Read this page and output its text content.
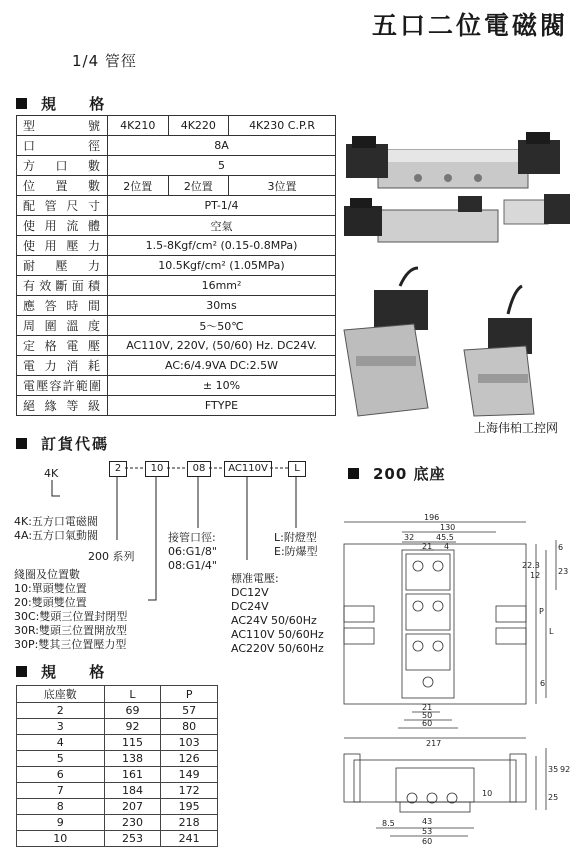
五口二位電磁閥
1/4 管徑
規 格
型　　號	4K210	4K220	4K230 C.P.R
口　　徑	8A		
方 口 數	5		
位 置 數	2位置	2位置	3位置
配管尺寸	PT-1/4		
使用流體	空氣		
使用壓力	1.5-8Kgf/cm² (0.15-0.8MPa)		
耐　壓　力	10.5Kgf/cm² (1.05MPa)		
有效斷面積	16mm²		
應答時間	30ms		
周圍溫度	5～50℃		
定格電壓	AC110V, 220V, (50/60) Hz. DC24V.		
電力消耗	AC:6/4.9VA DC:2.5W		
電壓容許範圍	± 10%		
絕緣等級	FTYPE		
上海伟柏工控网
訂貨代碼
4K	2	10	08	AC110V	L
4K:五方口電磁閥
4A:五方口氣動閥
200 系列
綫圈及位置數
10:單頭雙位置
20:雙頭雙位置
30C:雙頭三位置封閉型
30R:雙頭三位置開放型
30P:雙其三位置壓力型
接管口徑:
06:G1/8"
08:G1/4"
標准電壓:
DC12V
DC24V
AC24V 50/60Hz
AC110V 50/60Hz
AC220V 50/60Hz
L:附燈型
E:防爆型
規 格
底座數	L	P
2	69	57
3	92	80
4	115	103
5	138	126
6	161	149
7	184	172
8	207	195
9	230	218
10	253	241
200 底座
196
130
32	45.5
21 4	6
22.3
12 23
P
L
6
21
50
60
217
92
35
25
10
8.5	43
53
60
